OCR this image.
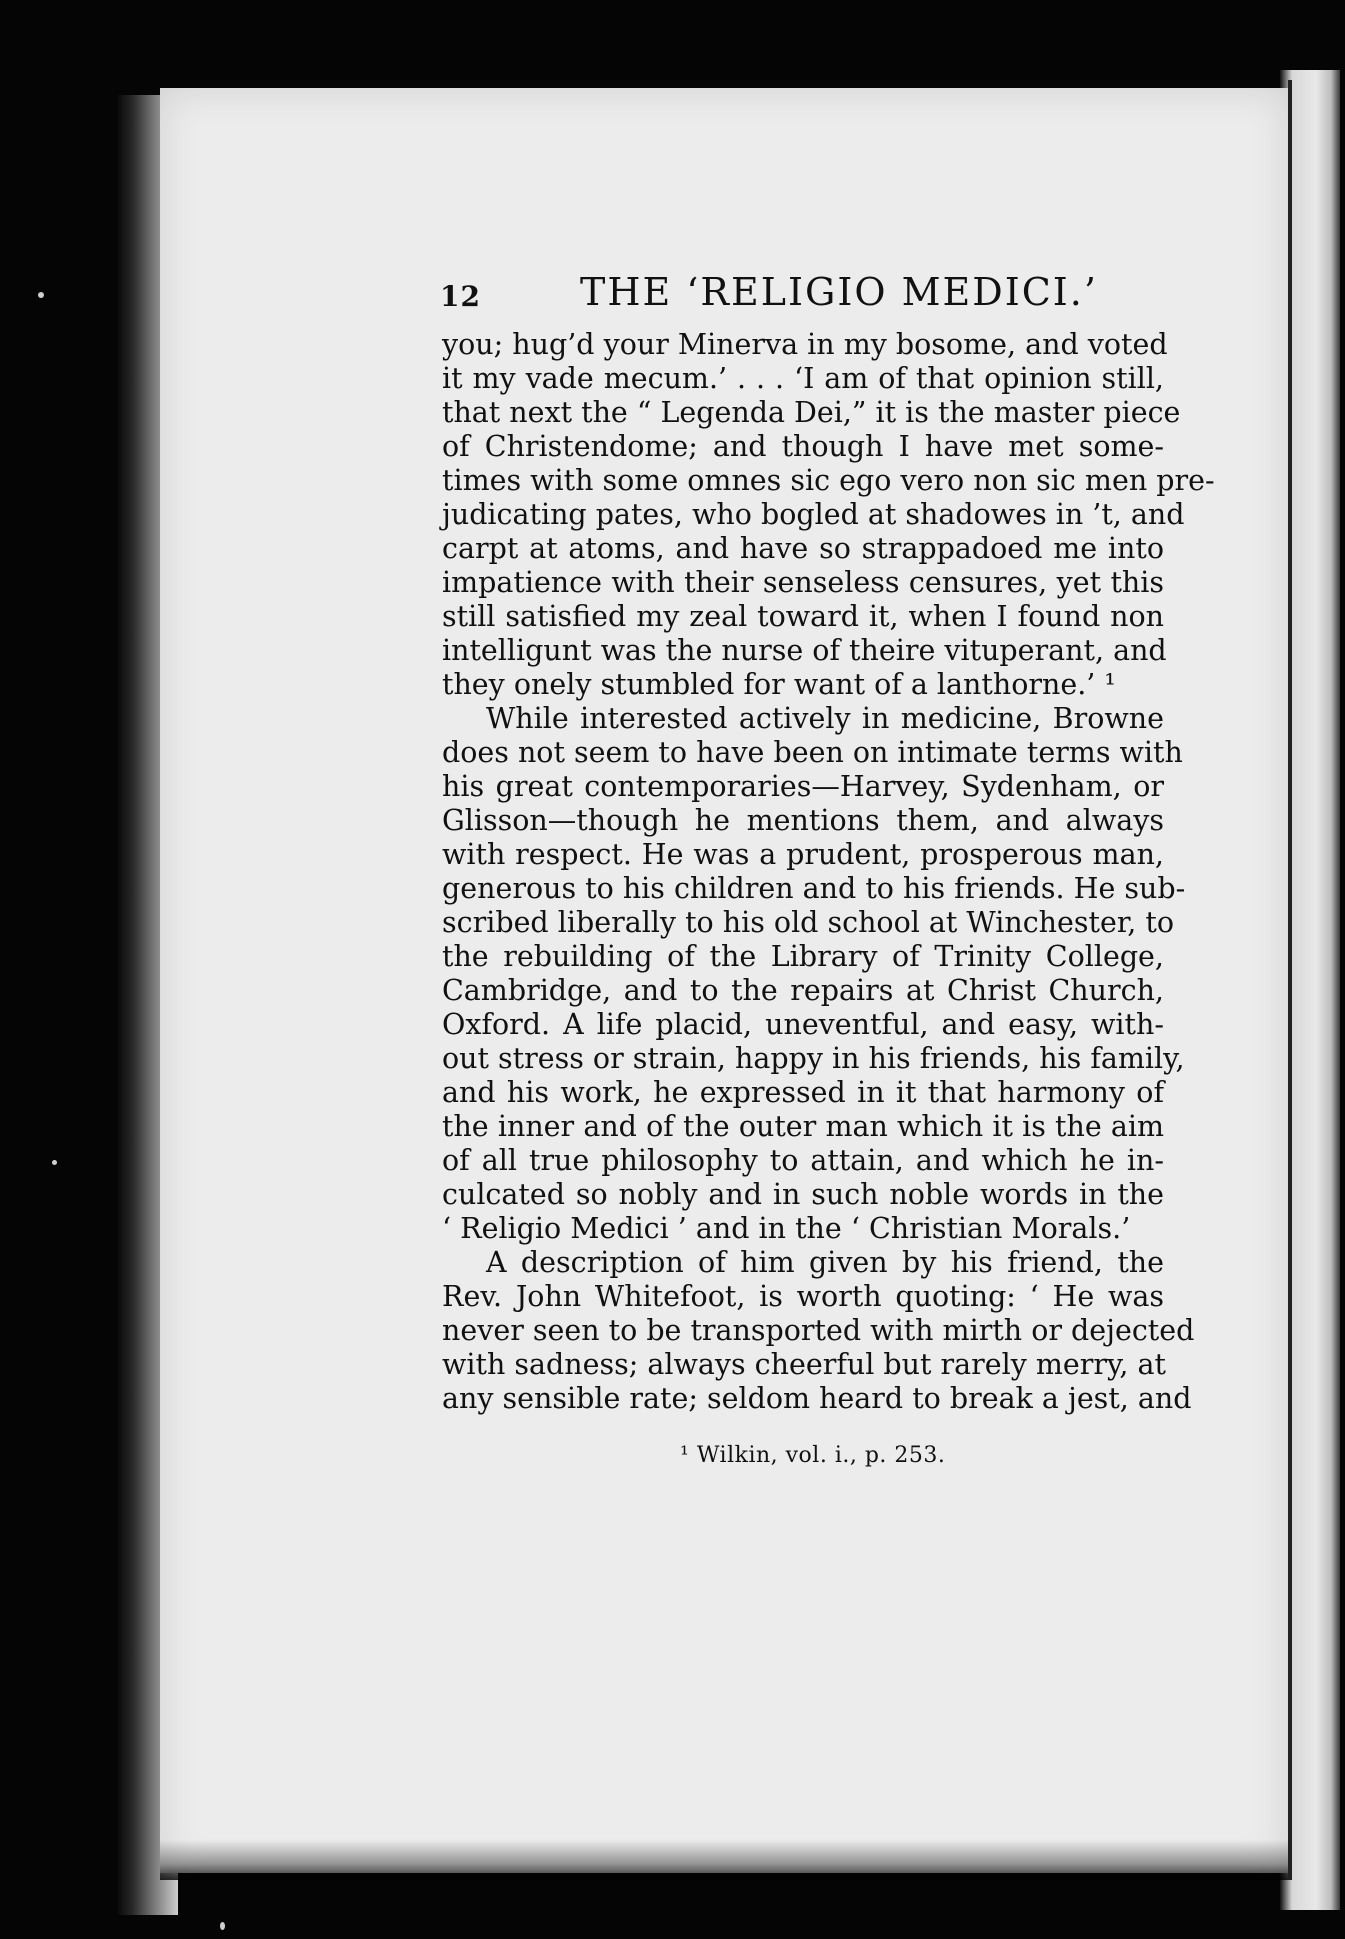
12	THE ‘RELIGIO MEDICI.’
you; hug’d your Minerva in my bosome, and voted
it my vade mecum.’ . . . ‘I am of that opinion still,
that next the “ Legenda Dei,” it is the master piece
of Christendome; and though I have met some-
times with some omnes sic ego vero non sic men pre-
judicating pates, who bogled at shadowes in ’t, and
carpt at atoms, and have so strappadoed me into
impatience with their senseless censures, yet this
still satisfied my zeal toward it, when I found non
intelligunt was the nurse of theire vituperant, and
they onely stumbled for want of a lanthorne.’ ¹
While interested actively in medicine, Browne
does not seem to have been on intimate terms with
his great contemporaries—Harvey, Sydenham, or
Glisson—though he mentions them, and always
with respect. He was a prudent, prosperous man,
generous to his children and to his friends. He sub-
scribed liberally to his old school at Winchester, to
the rebuilding of the Library of Trinity College,
Cambridge, and to the repairs at Christ Church,
Oxford. A life placid, uneventful, and easy, with-
out stress or strain, happy in his friends, his family,
and his work, he expressed in it that harmony of
the inner and of the outer man which it is the aim
of all true philosophy to attain, and which he in-
culcated so nobly and in such noble words in the
‘ Religio Medici ’ and in the ‘ Christian Morals.’
A description of him given by his friend, the
Rev. John Whitefoot, is worth quoting: ‘ He was
never seen to be transported with mirth or dejected
with sadness; always cheerful but rarely merry, at
any sensible rate; seldom heard to break a jest, and
¹ Wilkin, vol. i., p. 253.
